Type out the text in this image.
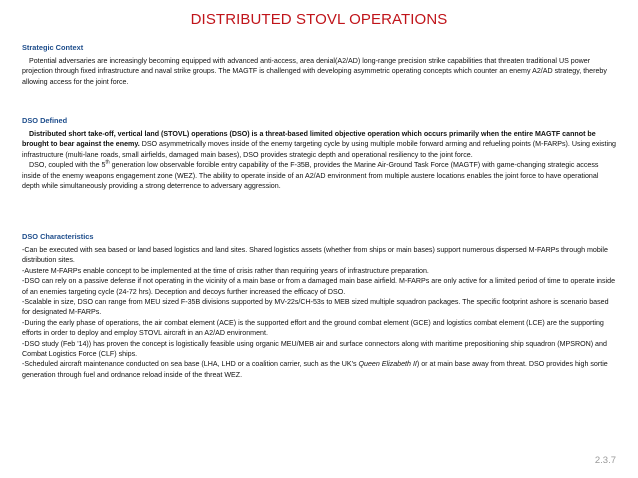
DISTRIBUTED STOVL OPERATIONS

Strategic Context

Potential adversaries are increasingly becoming equipped with advanced anti-access, area denial(A2/AD) long-range precision strike capabilities that threaten traditional US power projection through fixed infrastructure and naval strike groups. The MAGTF is challenged with developing asymmetric operating concepts which counter an enemy A2/AD strategy, thereby allowing access for the joint force.

DSO Defined

Distributed short take-off, vertical land (STOVL) operations (DSO) is a threat-based limited objective operation which occurs primarily when the entire MAGTF cannot be brought to bear against the enemy. DSO asymmetrically moves inside of the enemy targeting cycle by using multiple mobile forward arming and refueling points (M-FARPs). Using existing infrastructure (multi-lane roads, small airfields, damaged main bases), DSO provides strategic depth and operational resiliency to the joint force.

DSO, coupled with the 5th generation low observable forcible entry capability of the F-35B, provides the Marine Air-Ground Task Force (MAGTF) with game-changing strategic access inside of the enemy weapons engagement zone (WEZ). The ability to operate inside of an A2/AD environment from multiple austere locations enables the joint force to have operational depth while simultaneously providing a strong deterrence to adversary aggression.

DSO Characteristics

-Can be executed with sea based or land based logistics and land sites. Shared logistics assets (whether from ships or main bases) support numerous dispersed M-FARPs through mobile distribution sites.

-Austere M-FARPs enable concept to be implemented at the time of crisis rather than requiring years of infrastructure preparation.

-DSO can rely on a passive defense if not operating in the vicinity of a main base or from a damaged main base airfield. M-FARPs are only active for a limited period of time to operate inside of an enemies targeting cycle (24-72 hrs). Deception and decoys further increased the efficacy of DSO.

-Scalable in size, DSO can range from MEU sized F-35B divisions supported by MV-22s/CH-53s to MEB sized multiple squadron packages. The specific footprint ashore is scenario based for designated M-FARPs.

-During the early phase of operations, the air combat element (ACE) is the supported effort and the ground combat element (GCE) and logistics combat element (LCE) are the supporting efforts in order to deploy and employ STOVL aircraft in an A2/AD environment.

-DSO study (Feb '14)) has proven the concept is logistically feasible using organic MEU/MEB air and surface connectors along with maritime prepositioning ship squadron (MPSRON) and Combat Logistics Force (CLF) ships.

-Scheduled aircraft maintenance conducted on sea base (LHA, LHD or a coalition carrier, such as the UK's Queen Elizabeth II) or at main base away from threat. DSO provides high sortie generation through fuel and ordnance reload inside of the threat WEZ.

2.3.7
